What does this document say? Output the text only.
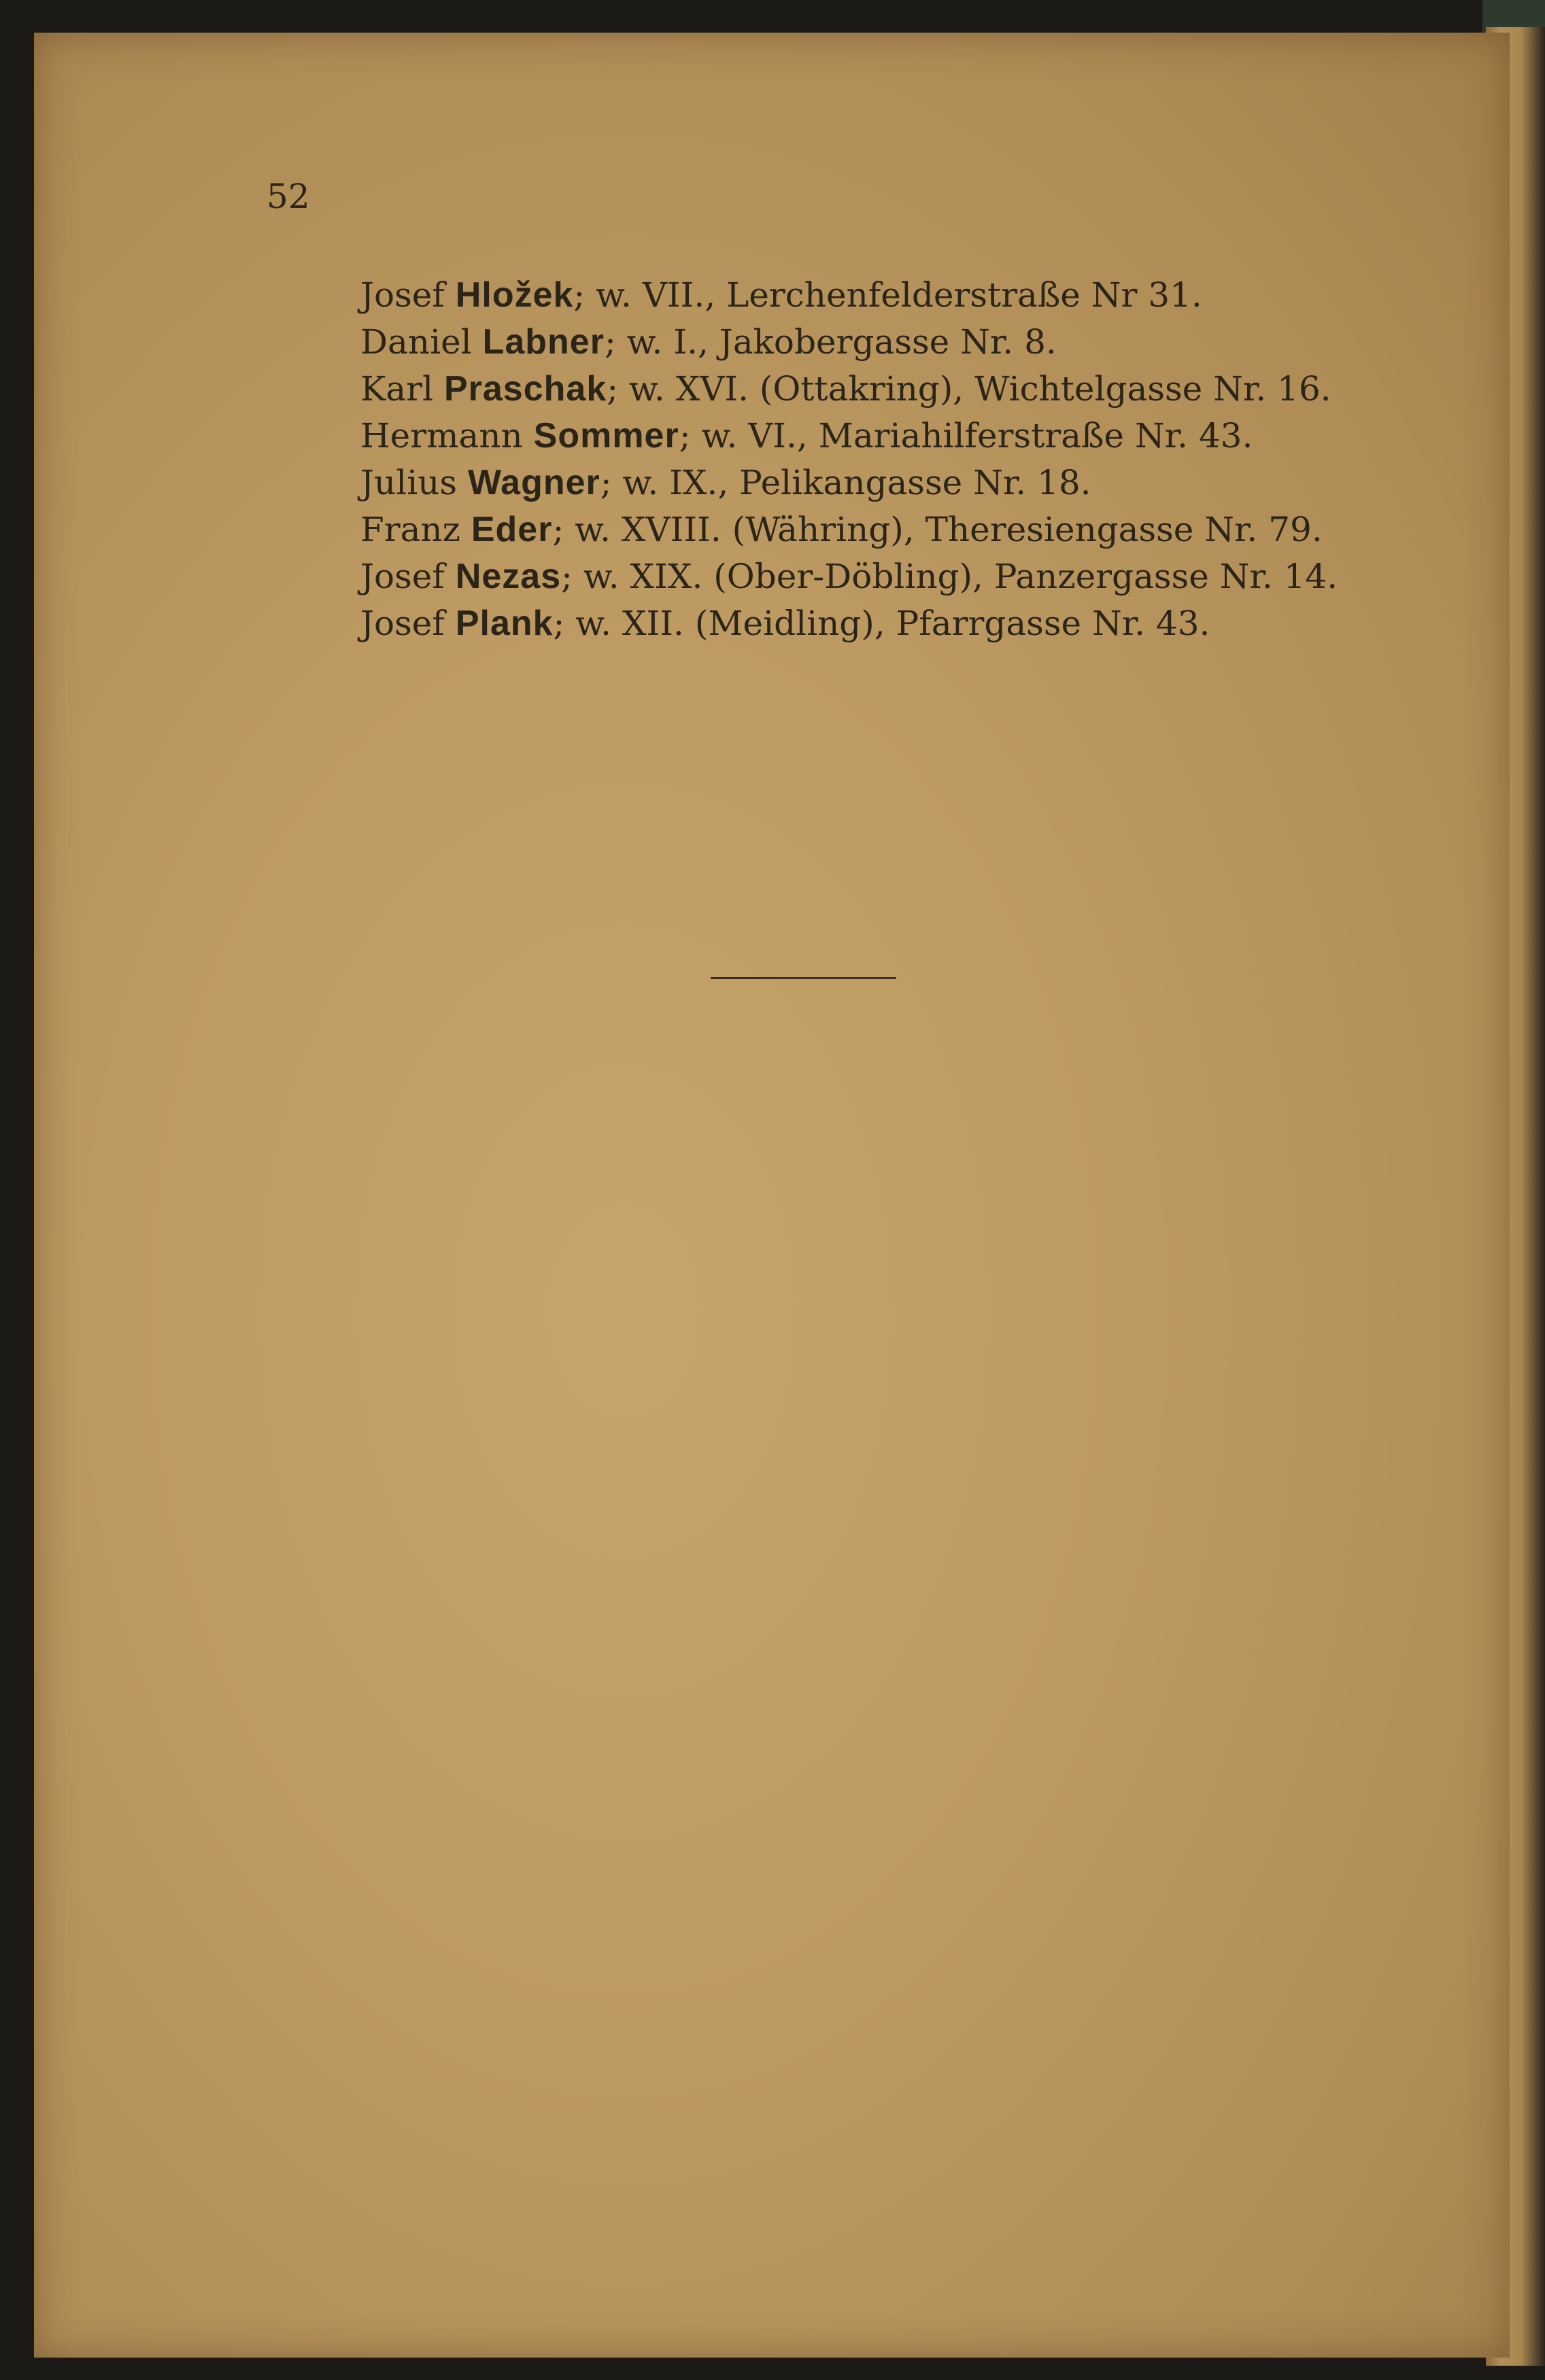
52
Josef Hložek; w. VII., Lerchenfelderstraße Nr 31.
Daniel Labner; w. I., Jakobergasse Nr. 8.
Karl Praschak; w. XVI. (Ottakring), Wichtelgasse Nr. 16.
Hermann Sommer; w. VI., Mariahilferstraße Nr. 43.
Julius Wagner; w. IX., Pelikangasse Nr. 18.
Franz Eder; w. XVIII. (Währing), Theresiengasse Nr. 79.
Josef Nezas; w. XIX. (Ober-Döbling), Panzergasse Nr. 14.
Josef Plank; w. XII. (Meidling), Pfarrgasse Nr. 43.
